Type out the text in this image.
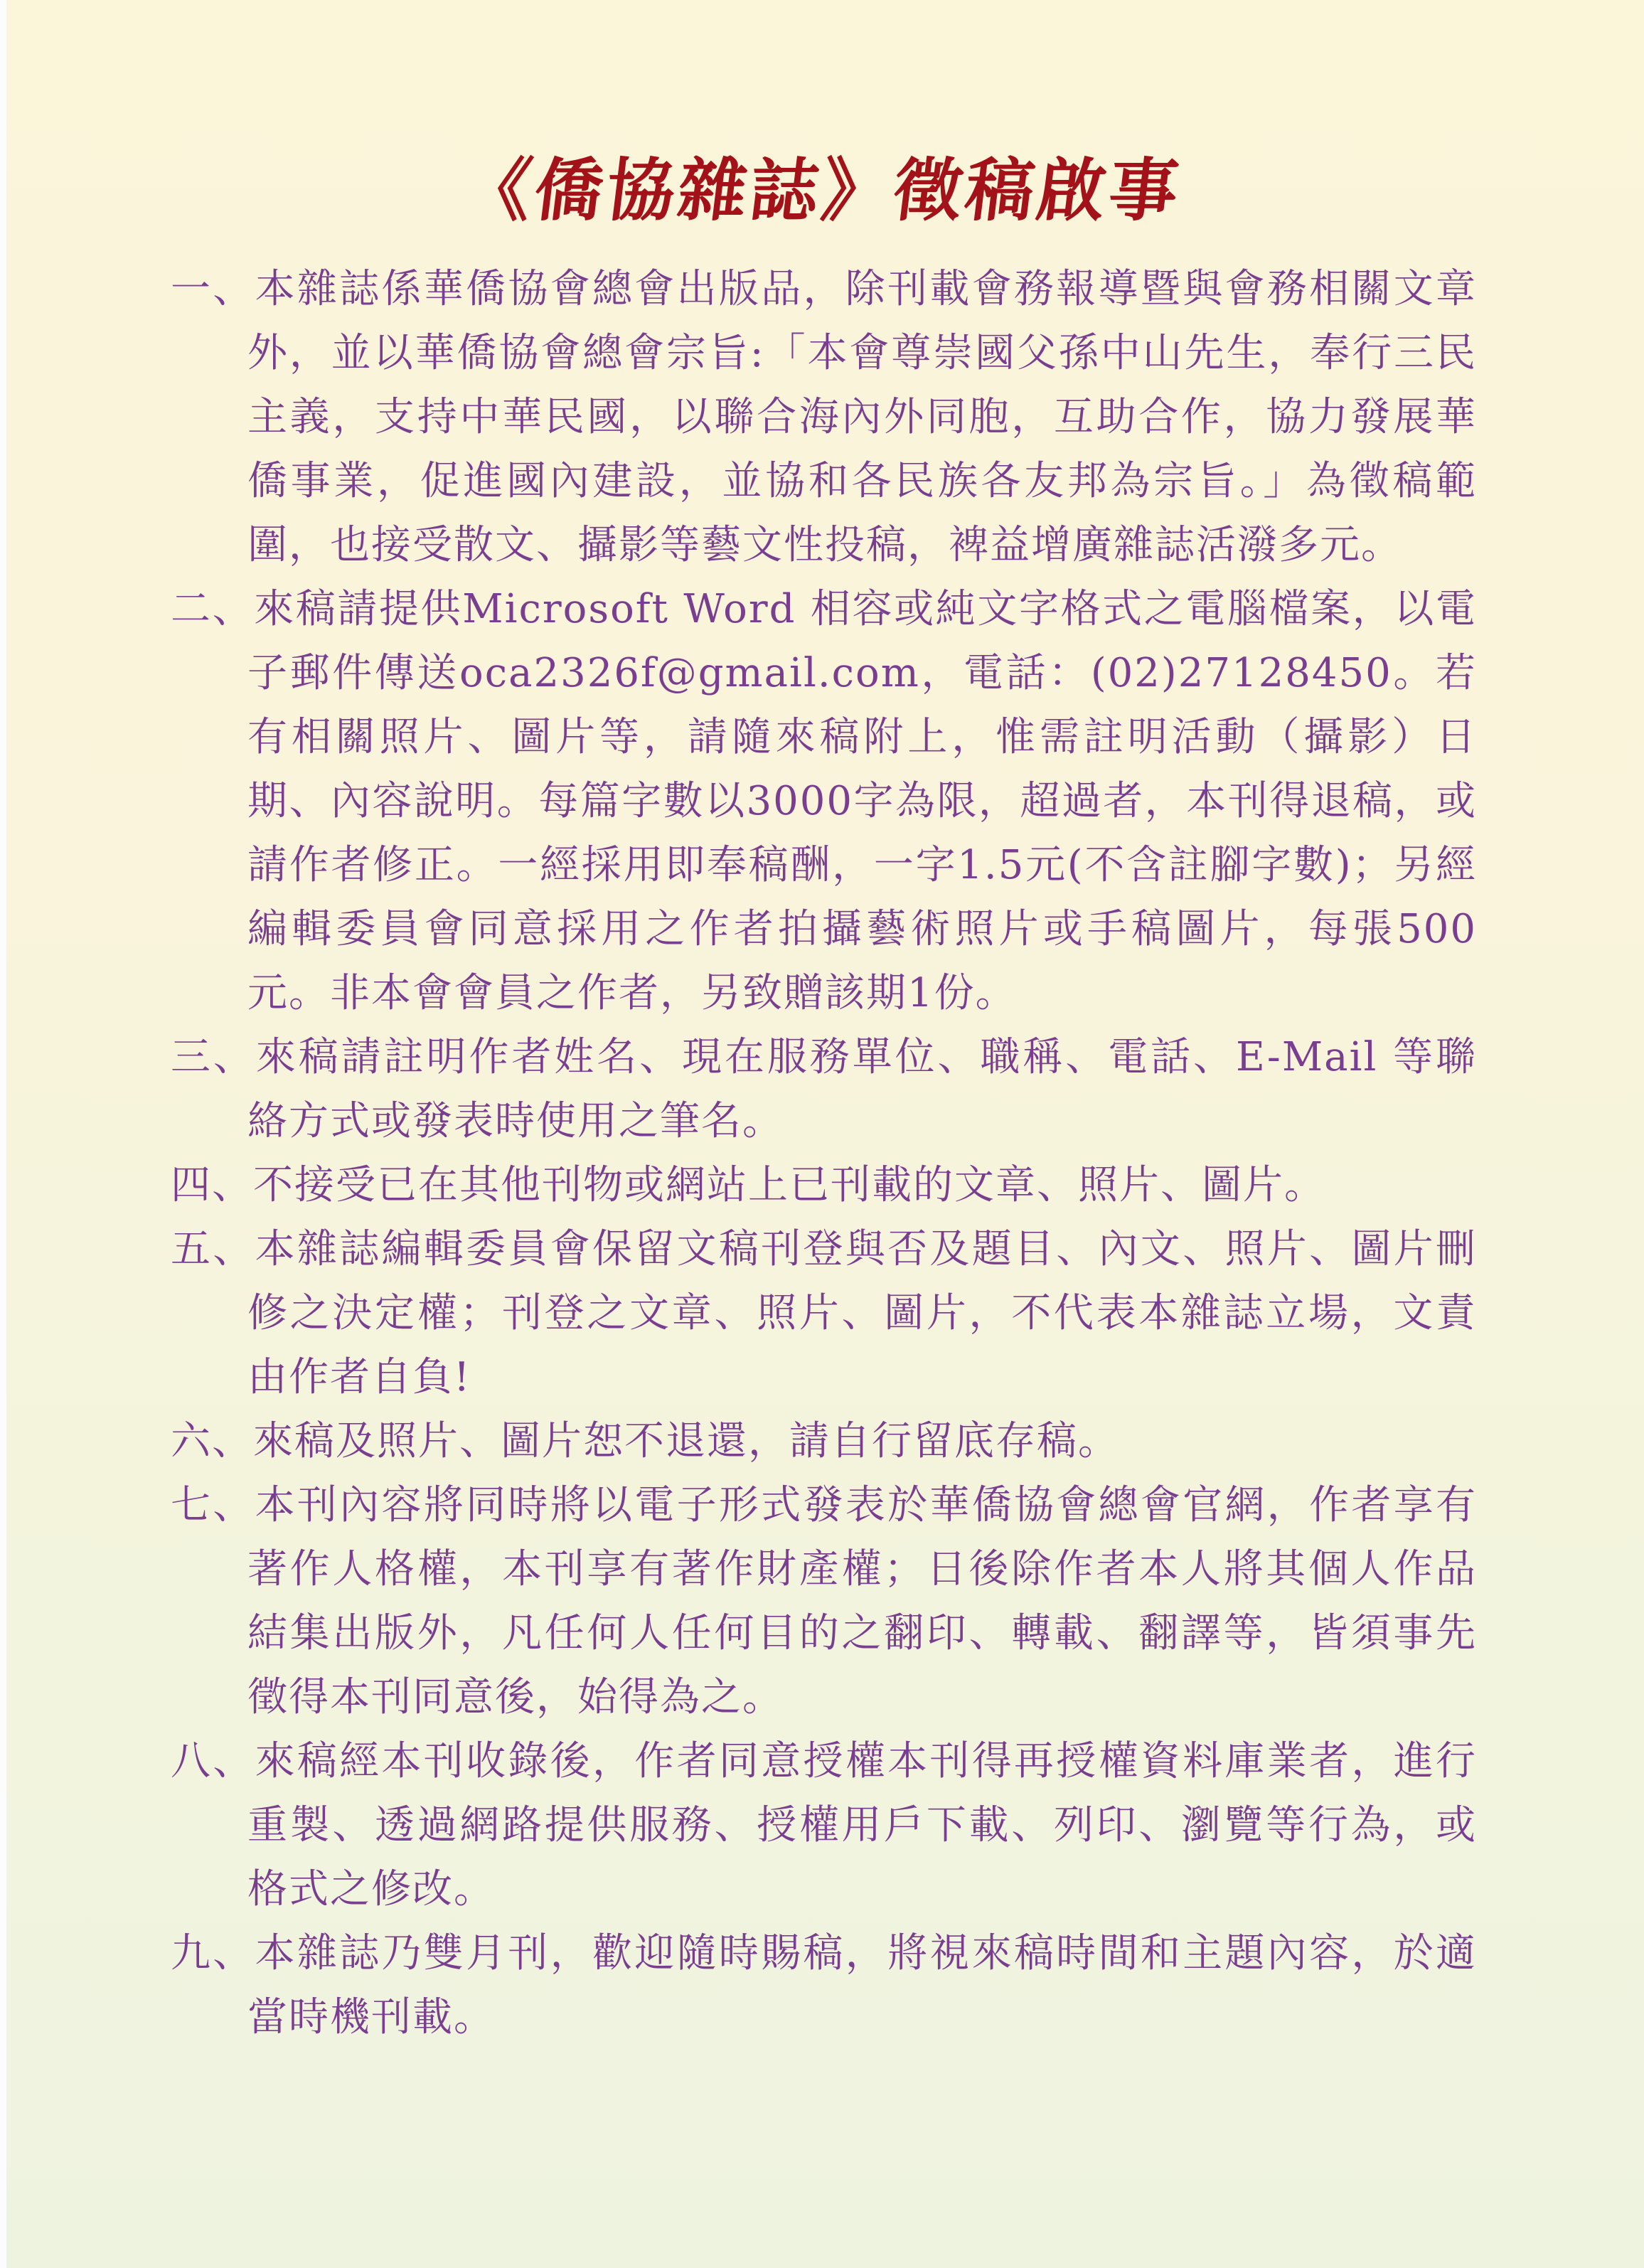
《僑協雜誌》徵稿啟事
一、本雜誌係華僑協會總會出版品，除刊載會務報導暨與會務相關文章外，並以華僑協會總會宗旨:「本會尊崇國父孫中山先生，奉行三民主義，支持中華民國，以聯合海內外同胞，互助合作，協力發展華僑事業，促進國內建設，並協和各民族各友邦為宗旨。」為徵稿範圍，也接受散文、攝影等藝文性投稿，裨益增廣雜誌活潑多元。
二、來稿請提供Microsoft Word 相容或純文字格式之電腦檔案，以電子郵件傳送oca2326f@gmail.com，電話：(02)27128450。若有相關照片、圖片等，請隨來稿附上，惟需註明活動（攝影）日期、內容說明。每篇字數以3000字為限，超過者，本刊得退稿，或請作者修正。一經採用即奉稿酬，一字1.5元(不含註腳字數)；另經編輯委員會同意採用之作者拍攝藝術照片或手稿圖片，每張500元。非本會會員之作者，另致贈該期1份。
三、來稿請註明作者姓名、現在服務單位、職稱、電話、E-Mail 等聯絡方式或發表時使用之筆名。
四、不接受已在其他刊物或網站上已刊載的文章、照片、圖片。
五、本雜誌編輯委員會保留文稿刊登與否及題目、內文、照片、圖片刪修之決定權；刊登之文章、照片、圖片，不代表本雜誌立場，文責由作者自負!
六、來稿及照片、圖片恕不退還，請自行留底存稿。
七、本刊內容將同時將以電子形式發表於華僑協會總會官網，作者享有著作人格權，本刊享有著作財產權；日後除作者本人將其個人作品結集出版外，凡任何人任何目的之翻印、轉載、翻譯等，皆須事先徵得本刊同意後，始得為之。
八、來稿經本刊收錄後，作者同意授權本刊得再授權資料庫業者，進行重製、透過網路提供服務、授權用戶下載、列印、瀏覽等行為，或格式之修改。
九、本雜誌乃雙月刊，歡迎隨時賜稿，將視來稿時間和主題內容，於適當時機刊載。
